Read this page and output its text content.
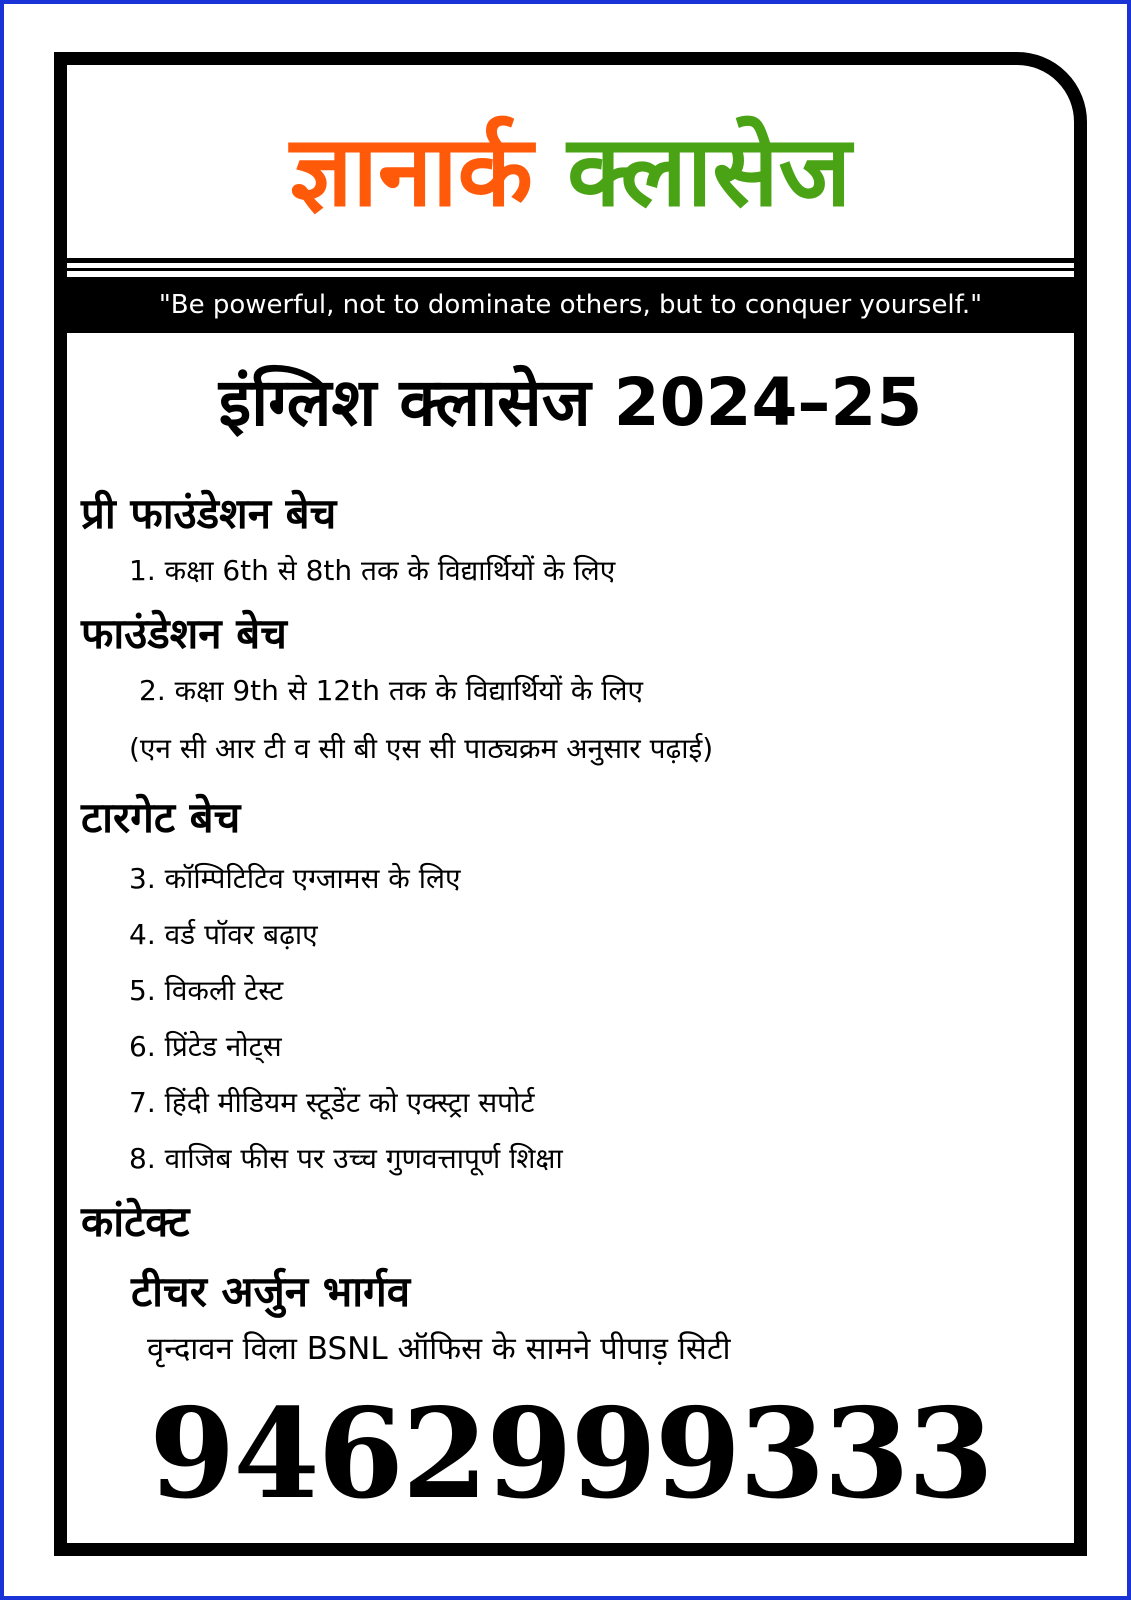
ज्ञानार्क क्लासेज
"Be powerful, not to dominate others, but to conquer yourself."
इंग्लिश क्लासेज 2024–25
प्री फाउंडेशन बेच
1. कक्षा 6th से 8th तक के विद्यार्थियों के लिए
फाउंडेशन बेच
2. कक्षा 9th से 12th तक के विद्यार्थियों के लिए
(एन सी आर टी व सी बी एस सी पाठ्यक्रम अनुसार पढ़ाई)
टारगेट बेच
3. कॉम्पिटिटिव एग्जामस के लिए
4. वर्ड पॉवर बढ़ाए
5. विकली टेस्ट
6. प्रिंटेड नोट्स
7. हिंदी मीडियम स्टूडेंट को एक्स्ट्रा सपोर्ट
8. वाजिब फीस पर उच्च गुणवत्तापूर्ण शिक्षा
कांटेक्ट
टीचर अर्जुन भार्गव
वृन्दावन विला BSNL ऑफिस के सामने पीपाड़ सिटी
9462999333
